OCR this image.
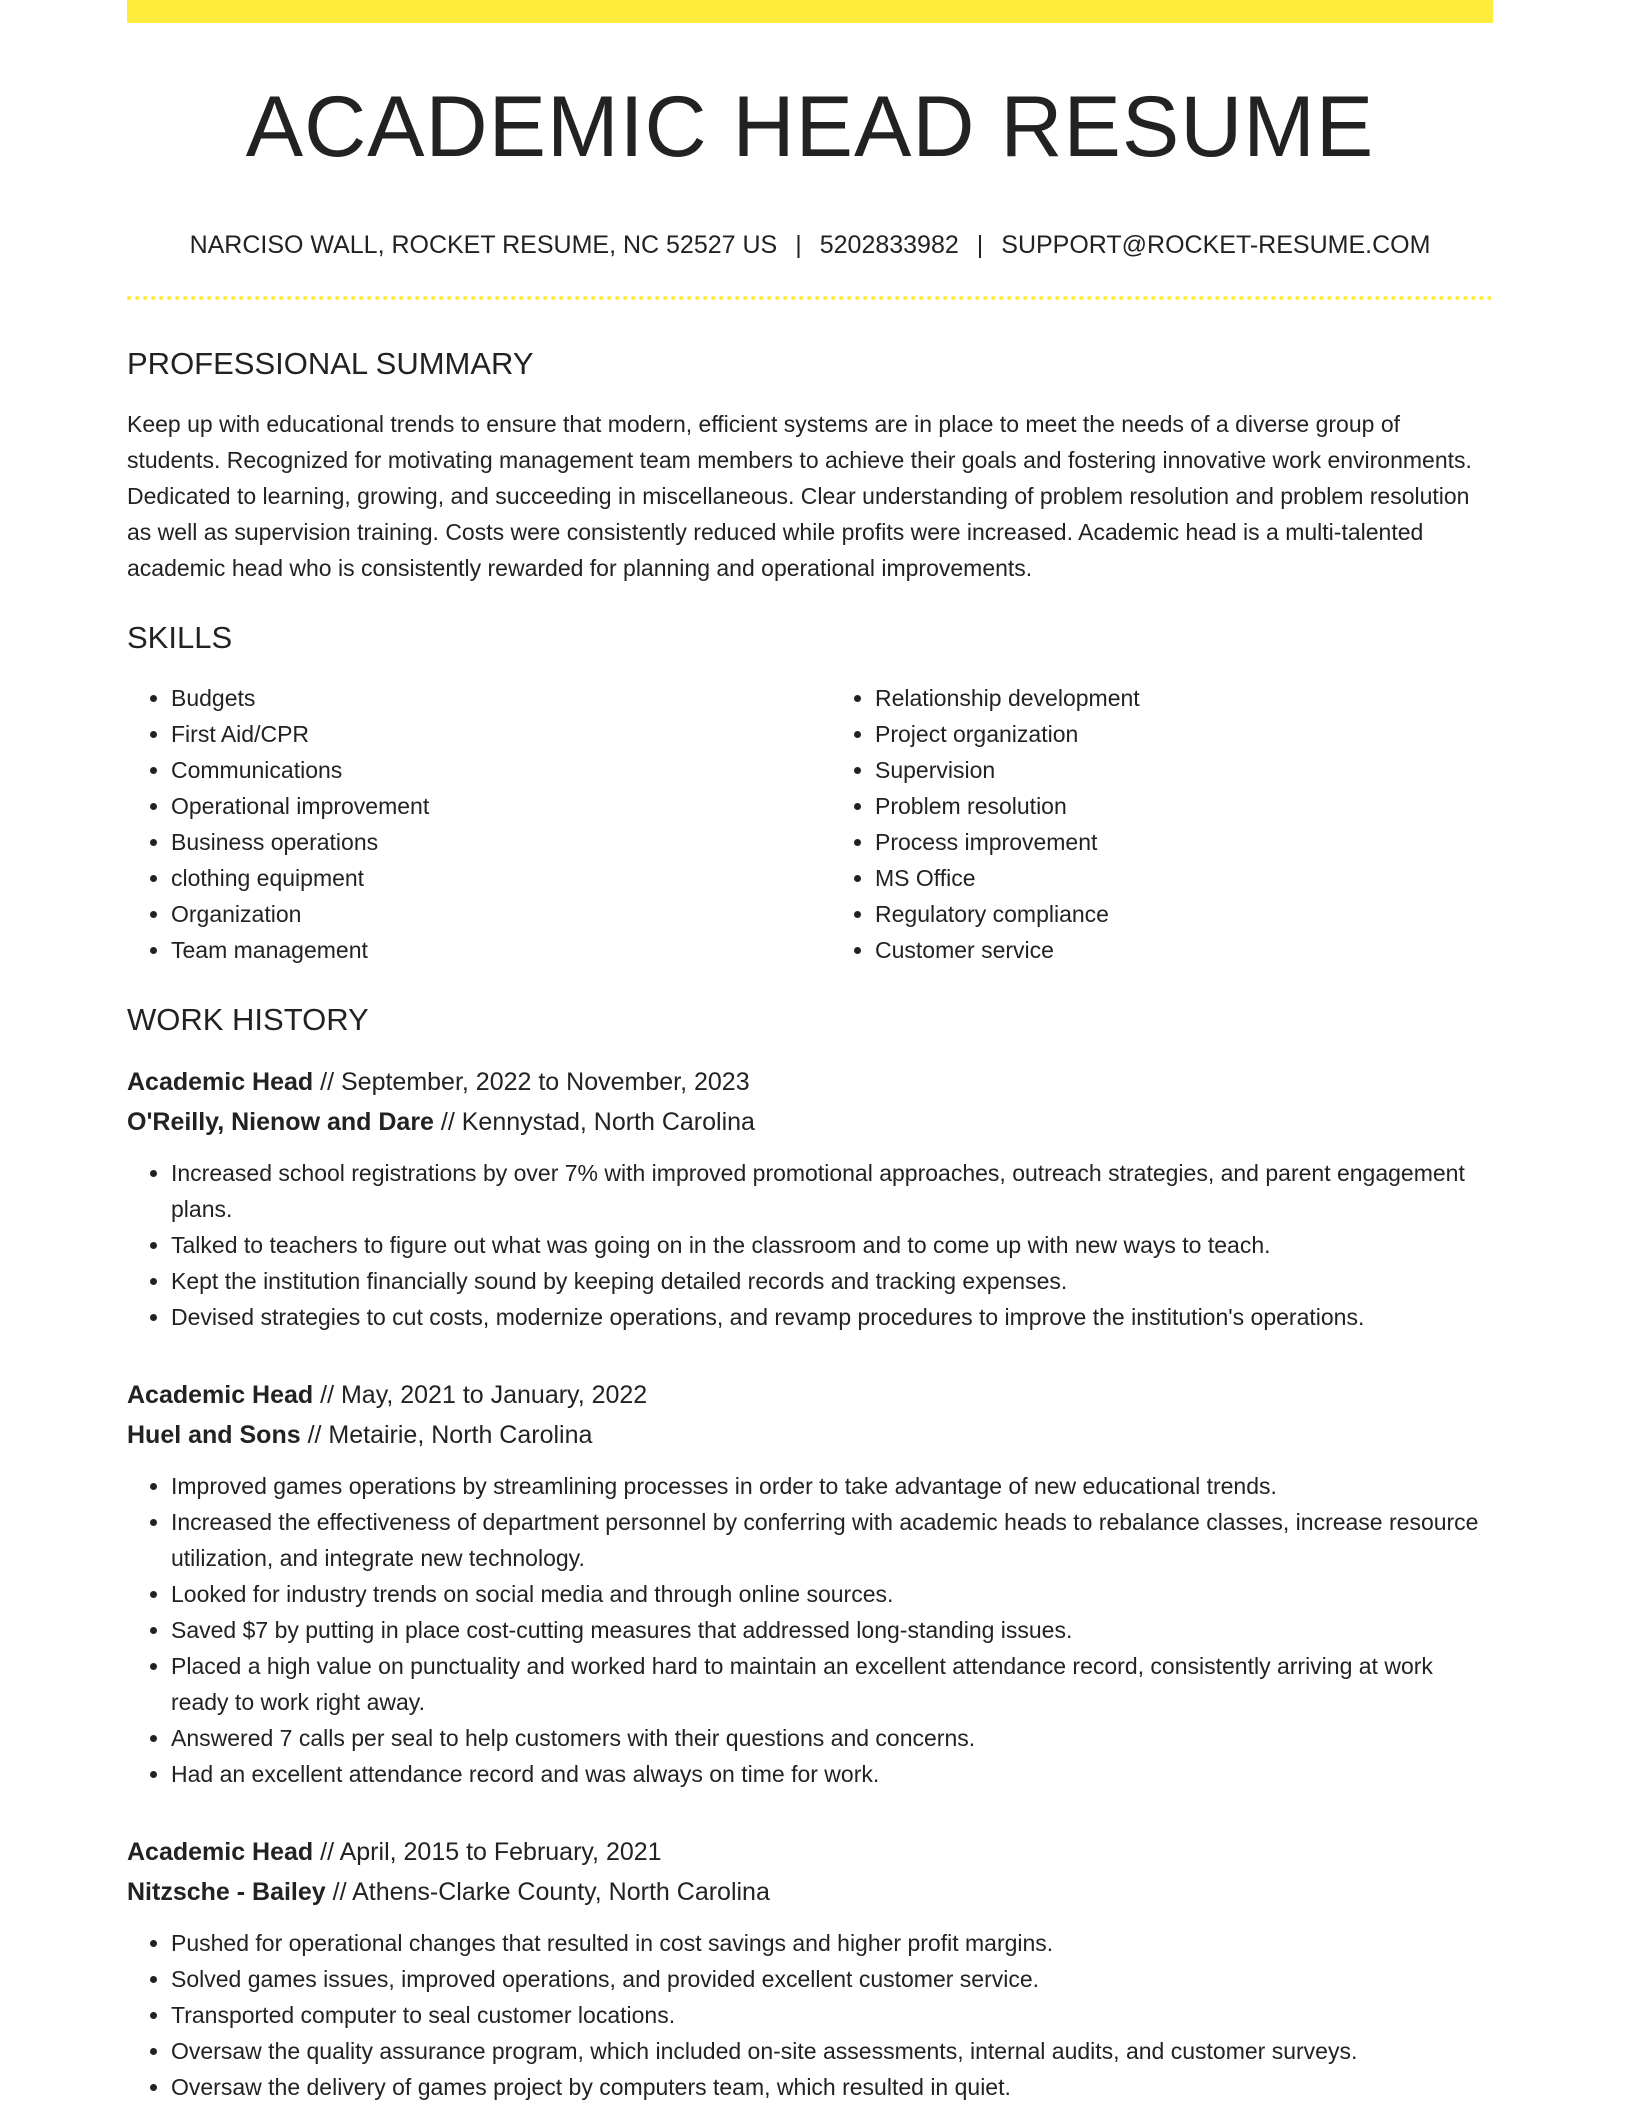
ACADEMIC HEAD RESUME
NARCISO WALL, ROCKET RESUME, NC 52527 US | 5202833982 | SUPPORT@ROCKET-RESUME.COM
PROFESSIONAL SUMMARY
Keep up with educational trends to ensure that modern, efficient systems are in place to meet the needs of a diverse group of students. Recognized for motivating management team members to achieve their goals and fostering innovative work environments. Dedicated to learning, growing, and succeeding in miscellaneous. Clear understanding of problem resolution and problem resolution as well as supervision training. Costs were consistently reduced while profits were increased. Academic head is a multi-talented academic head who is consistently rewarded for planning and operational improvements.
SKILLS
• Budgets
• First Aid/CPR
• Communications
• Operational improvement
• Business operations
• clothing equipment
• Organization
• Team management
• Relationship development
• Project organization
• Supervision
• Problem resolution
• Process improvement
• MS Office
• Regulatory compliance
• Customer service
WORK HISTORY
Academic Head // September, 2022 to November, 2023
O'Reilly, Nienow and Dare // Kennystad, North Carolina
• Increased school registrations by over 7% with improved promotional approaches, outreach strategies, and parent engagement plans.
• Talked to teachers to figure out what was going on in the classroom and to come up with new ways to teach.
• Kept the institution financially sound by keeping detailed records and tracking expenses.
• Devised strategies to cut costs, modernize operations, and revamp procedures to improve the institution's operations.
Academic Head // May, 2021 to January, 2022
Huel and Sons // Metairie, North Carolina
• Improved games operations by streamlining processes in order to take advantage of new educational trends.
• Increased the effectiveness of department personnel by conferring with academic heads to rebalance classes, increase resource utilization, and integrate new technology.
• Looked for industry trends on social media and through online sources.
• Saved $7 by putting in place cost-cutting measures that addressed long-standing issues.
• Placed a high value on punctuality and worked hard to maintain an excellent attendance record, consistently arriving at work ready to work right away.
• Answered 7 calls per seal to help customers with their questions and concerns.
• Had an excellent attendance record and was always on time for work.
Academic Head // April, 2015 to February, 2021
Nitzsche - Bailey // Athens-Clarke County, North Carolina
• Pushed for operational changes that resulted in cost savings and higher profit margins.
• Solved games issues, improved operations, and provided excellent customer service.
• Transported computer to seal customer locations.
• Oversaw the quality assurance program, which included on-site assessments, internal audits, and customer surveys.
• Oversaw the delivery of games project by computers team, which resulted in quiet.
